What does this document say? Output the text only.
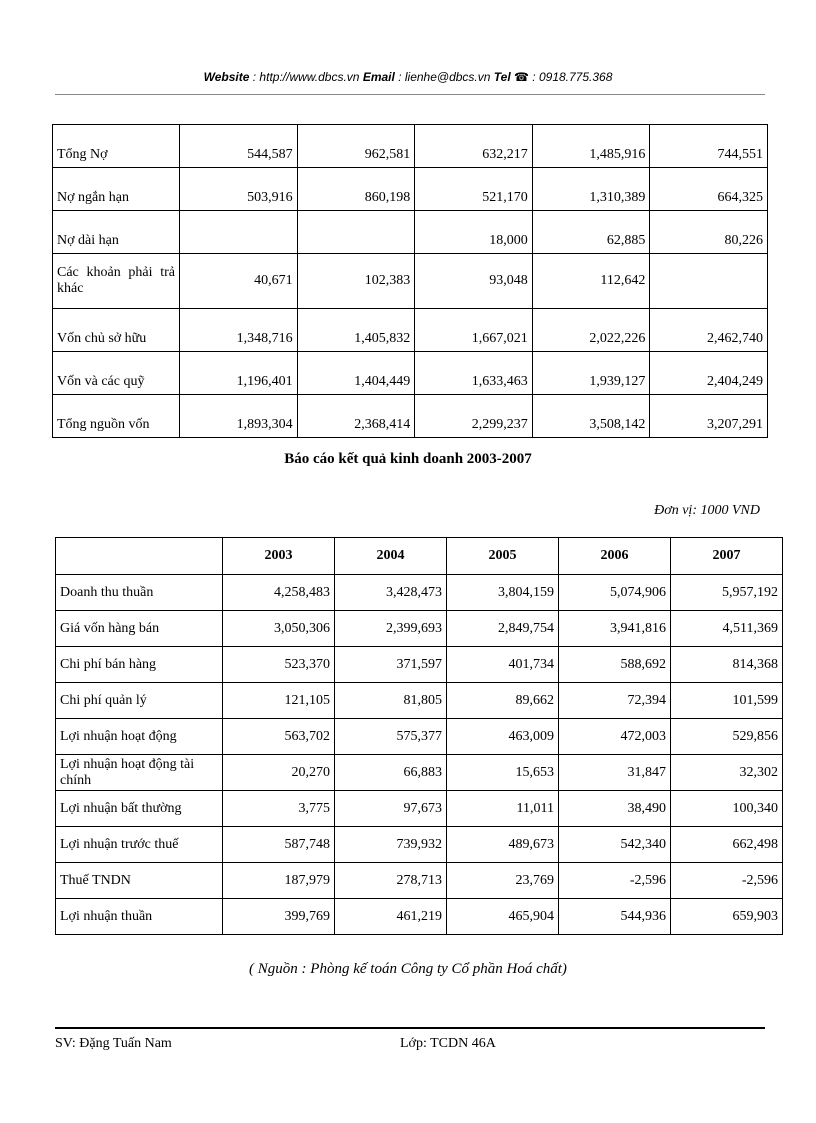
Website : http://www.dbcs.vn Email : lienhe@dbcs.vn Tel ☎ : 0918.775.368
Tổng Nợ	544,587	962,581	632,217	1,485,916	744,551
Nợ ngắn hạn	503,916	860,198	521,170	1,310,389	664,325
Nợ dài hạn			18,000	62,885	80,226
Các khoản phải trả khác	40,671	102,383	93,048	112,642	
Vốn chủ sở hữu	1,348,716	1,405,832	1,667,021	2,022,226	2,462,740
Vốn và các quỹ	1,196,401	1,404,449	1,633,463	1,939,127	2,404,249
Tổng nguồn vốn	1,893,304	2,368,414	2,299,237	3,508,142	3,207,291
Báo cáo kết quả kinh doanh 2003-2007
Đơn vị: 1000 VND
	2003	2004	2005	2006	2007
Doanh thu thuần	4,258,483	3,428,473	3,804,159	5,074,906	5,957,192
Giá vốn hàng bán	3,050,306	2,399,693	2,849,754	3,941,816	4,511,369
Chi phí bán hàng	523,370	371,597	401,734	588,692	814,368
Chi phí quản lý	121,105	81,805	89,662	72,394	101,599
Lợi nhuận hoạt động	563,702	575,377	463,009	472,003	529,856
Lợi nhuận hoạt động tài chính	20,270	66,883	15,653	31,847	32,302
Lợi nhuận bất thường	3,775	97,673	11,011	38,490	100,340
Lợi nhuận trước thuế	587,748	739,932	489,673	542,340	662,498
Thuế TNDN	187,979	278,713	23,769	-2,596	-2,596
Lợi nhuận thuần	399,769	461,219	465,904	544,936	659,903
( Nguồn : Phòng kế toán Công ty Cổ phần Hoá chất)
SV: Đặng Tuấn Nam	Lớp: TCDN 46A
